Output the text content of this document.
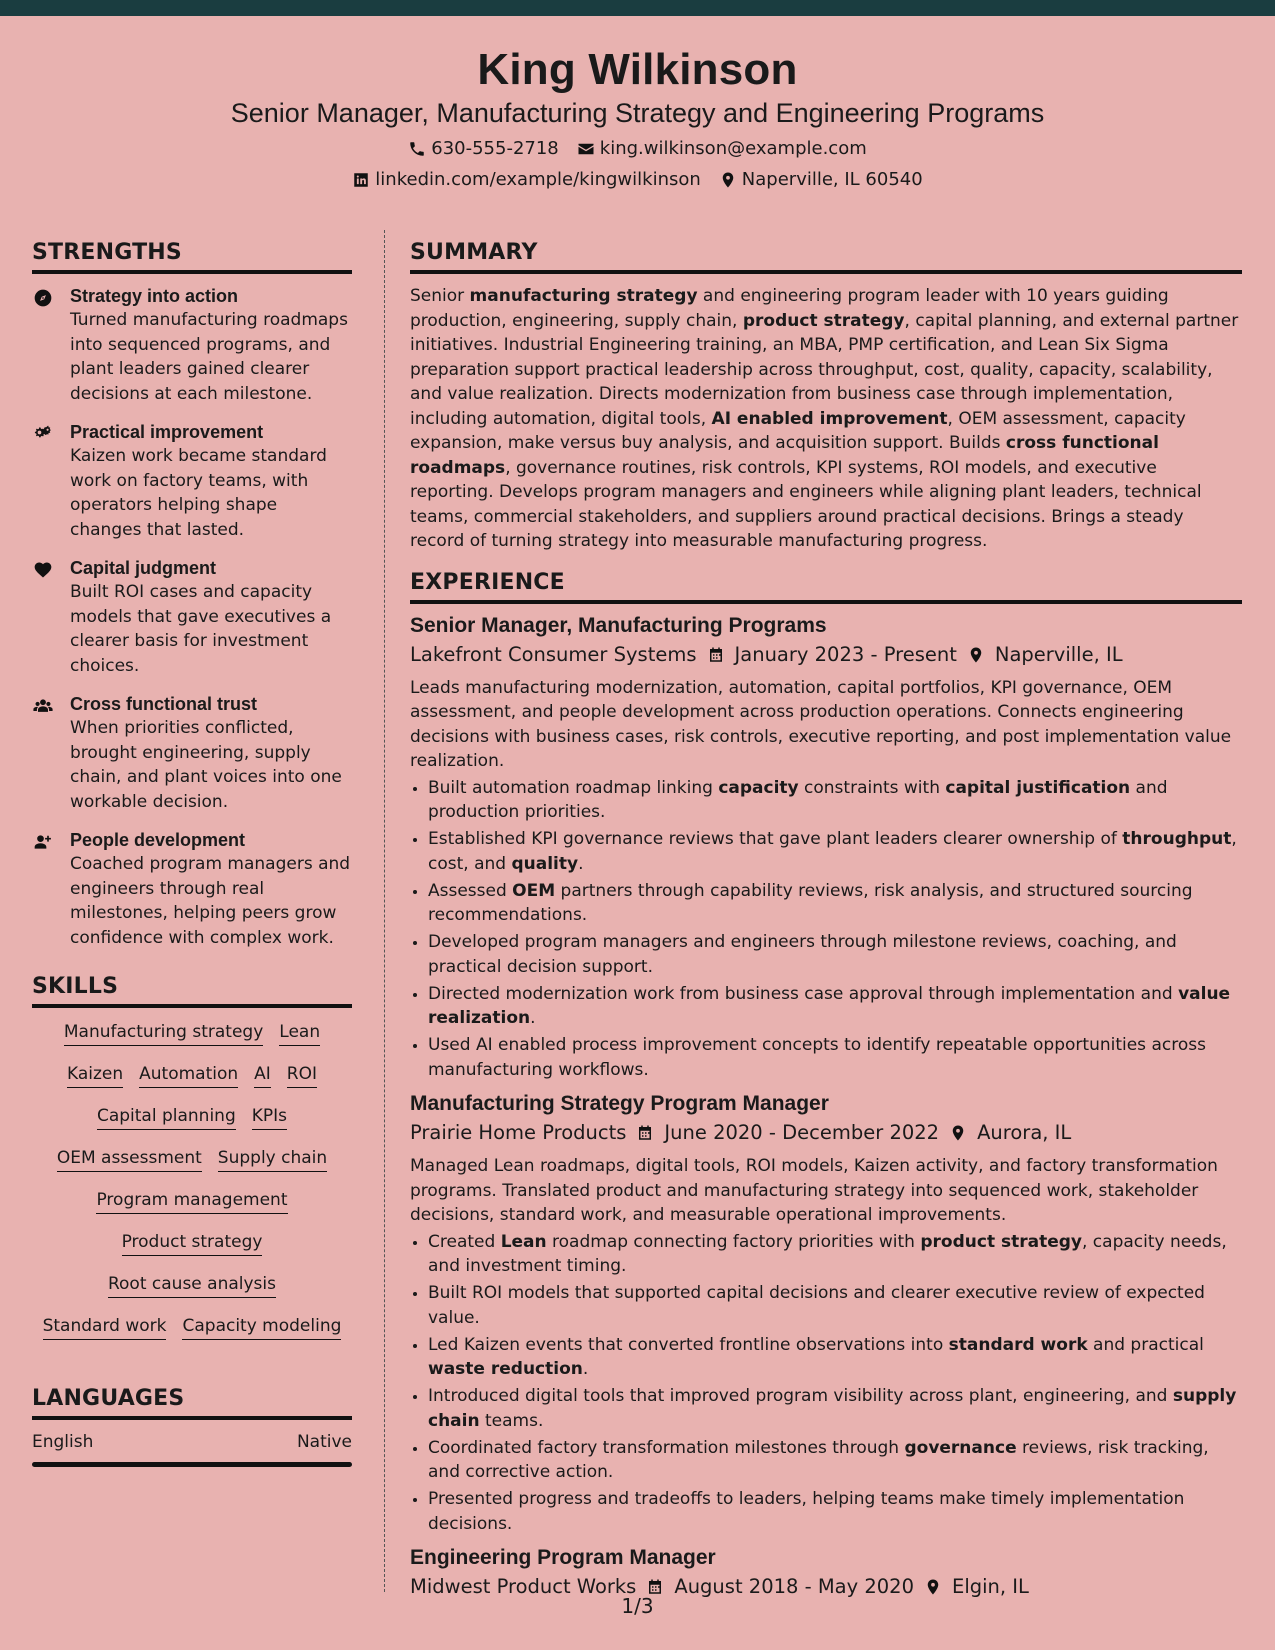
King Wilkinson
Senior Manager, Manufacturing Strategy and Engineering Programs
630-555-2718 king.wilkinson@example.com
linkedin.com/example/kingwilkinson Naperville, IL 60540
STRENGTHS
Strategy into action
Turned manufacturing roadmaps into sequenced programs, and plant leaders gained clearer decisions at each milestone.
Practical improvement
Kaizen work became standard work on factory teams, with operators helping shape changes that lasted.
Capital judgment
Built ROI cases and capacity models that gave executives a clearer basis for investment choices.
Cross functional trust
When priorities conflicted, brought engineering, supply chain, and plant voices into one workable decision.
People development
Coached program managers and engineers through real milestones, helping peers grow confidence with complex work.
SKILLS
Manufacturing strategy Lean
Kaizen Automation AI ROI
Capital planning KPIs
OEM assessment Supply chain
Program management
Product strategy
Root cause analysis
Standard work Capacity modeling
LANGUAGES
English	Native
SUMMARY
Senior manufacturing strategy and engineering program leader with 10 years guiding production, engineering, supply chain, product strategy, capital planning, and external partner initiatives. Industrial Engineering training, an MBA, PMP certification, and Lean Six Sigma preparation support practical leadership across throughput, cost, quality, capacity, scalability, and value realization. Directs modernization from business case through implementation, including automation, digital tools, AI enabled improvement, OEM assessment, capacity expansion, make versus buy analysis, and acquisition support. Builds cross functional roadmaps, governance routines, risk controls, KPI systems, ROI models, and executive reporting. Develops program managers and engineers while aligning plant leaders, technical teams, commercial stakeholders, and suppliers around practical decisions. Brings a steady record of turning strategy into measurable manufacturing progress.
EXPERIENCE
Senior Manager, Manufacturing Programs
Lakefront Consumer Systems January 2023 - Present Naperville, IL
Leads manufacturing modernization, automation, capital portfolios, KPI governance, OEM assessment, and people development across production operations. Connects engineering decisions with business cases, risk controls, executive reporting, and post implementation value realization.
• Built automation roadmap linking capacity constraints with capital justification and production priorities.
• Established KPI governance reviews that gave plant leaders clearer ownership of throughput, cost, and quality.
• Assessed OEM partners through capability reviews, risk analysis, and structured sourcing recommendations.
• Developed program managers and engineers through milestone reviews, coaching, and practical decision support.
• Directed modernization work from business case approval through implementation and value realization.
• Used AI enabled process improvement concepts to identify repeatable opportunities across manufacturing workflows.
Manufacturing Strategy Program Manager
Prairie Home Products June 2020 - December 2022 Aurora, IL
Managed Lean roadmaps, digital tools, ROI models, Kaizen activity, and factory transformation programs. Translated product and manufacturing strategy into sequenced work, stakeholder decisions, standard work, and measurable operational improvements.
• Created Lean roadmap connecting factory priorities with product strategy, capacity needs, and investment timing.
• Built ROI models that supported capital decisions and clearer executive review of expected value.
• Led Kaizen events that converted frontline observations into standard work and practical waste reduction.
• Introduced digital tools that improved program visibility across plant, engineering, and supply chain teams.
• Coordinated factory transformation milestones through governance reviews, risk tracking, and corrective action.
• Presented progress and tradeoffs to leaders, helping teams make timely implementation decisions.
Engineering Program Manager
Midwest Product Works August 2018 - May 2020 Elgin, IL
1/3
